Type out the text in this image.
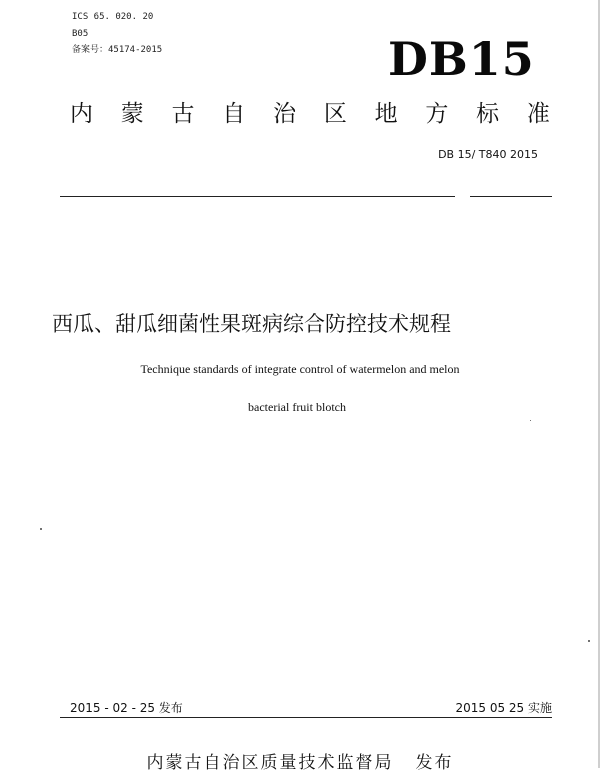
ICS 65. 020. 20
B05
备案号：45174-2015	DB15
内 蒙 古 自 治 区 地 方 标 准
DB 15/ T840 2015
西瓜、甜瓜细菌性果斑病综合防控技术规程
Technique standards of integrate control of watermelon and melon
bacterial fruit blotch
2015 - 02 - 25 发布	2015 05 25 实施
内蒙古自治区质量技术监督局 发布
